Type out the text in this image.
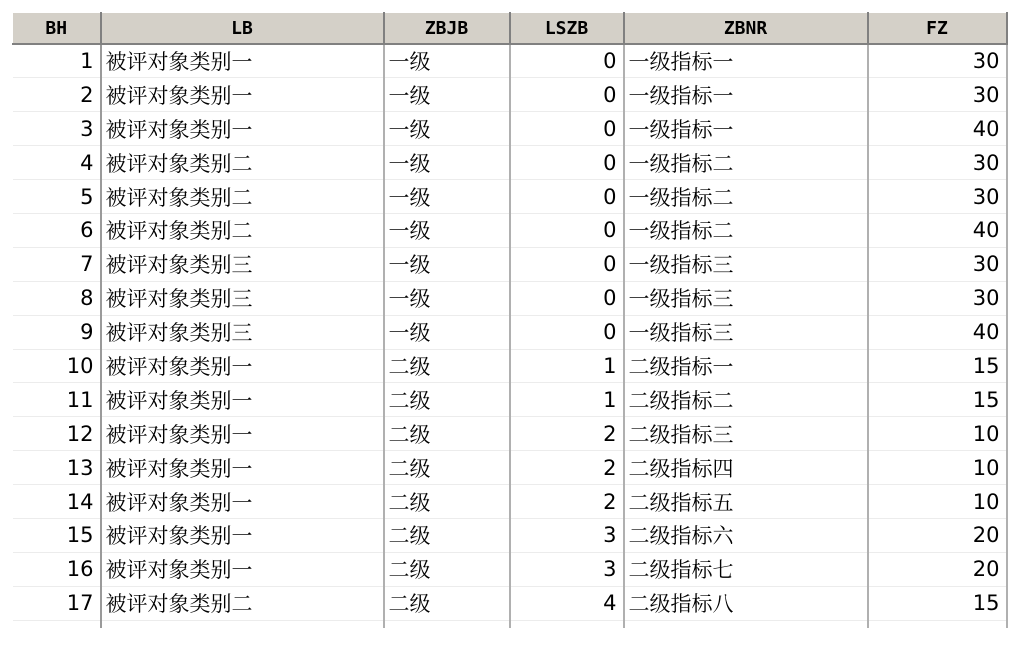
BH	LB	ZBJB	LSZB	ZBNR	FZ
1	被评对象类别一	一级	0	一级指标一	30
2	被评对象类别一	一级	0	一级指标一	30
3	被评对象类别一	一级	0	一级指标一	40
4	被评对象类别二	一级	0	一级指标二	30
5	被评对象类别二	一级	0	一级指标二	30
6	被评对象类别二	一级	0	一级指标二	40
7	被评对象类别三	一级	0	一级指标三	30
8	被评对象类别三	一级	0	一级指标三	30
9	被评对象类别三	一级	0	一级指标三	40
10	被评对象类别一	二级	1	二级指标一	15
11	被评对象类别一	二级	1	二级指标二	15
12	被评对象类别一	二级	2	二级指标三	10
13	被评对象类别一	二级	2	二级指标四	10
14	被评对象类别一	二级	2	二级指标五	10
15	被评对象类别一	二级	3	二级指标六	20
16	被评对象类别一	二级	3	二级指标七	20
17	被评对象类别二	二级	4	二级指标八	15
